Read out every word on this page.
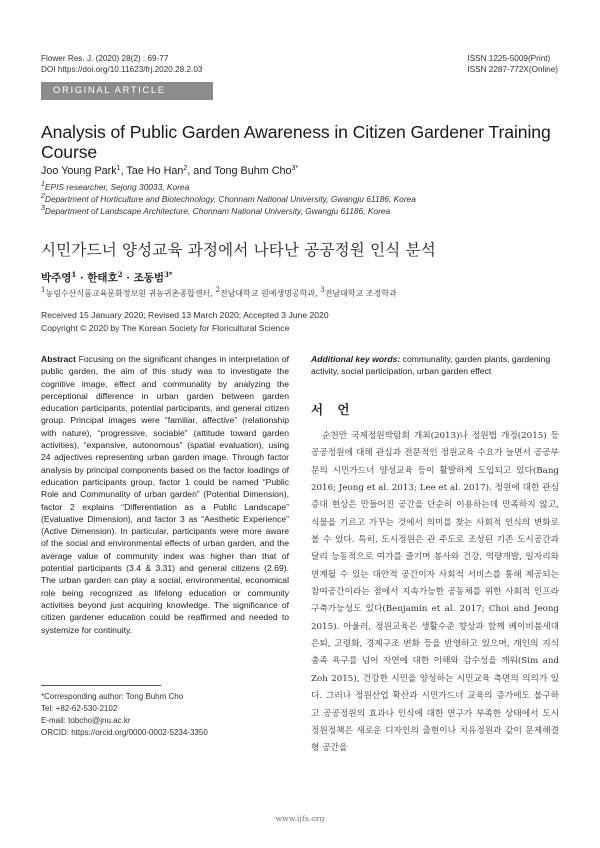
Flower Res. J. (2020) 28(2) : 69-77
DOI https://doi.org/10.11623/frj.2020.28.2.03
ISSN 1225-5009(Print)
ISSN 2287-772X(Online)
ORIGINAL ARTICLE
Analysis of Public Garden Awareness in Citizen Gardener Training Course
Joo Young Park$^1$, Tae Ho Han$^2$, and Tong Buhm Cho$^{3*}$
$^1$EPIS researcher, Sejong 30033, Korea
$^2$Department of Horticulture and Biotechnology, Chonnam National University, Gwangju 61186, Korea
$^3$Department of Landscape Architecture, Chonnam National University, Gwangju 61186, Korea
시민가드너 양성교육 과정에서 나타난 공공정원 인식 분석
박주영$^1$ · 한태호$^2$ · 조동범$^{3*}$
$^1$농림수산식품교육문화정보원 귀농귀촌종합센터, $^2$전남대학교 원예생명공학과, $^3$전남대학교 조경학과
Received 15 January 2020; Revised 13 March 2020; Accepted 3 June 2020
Copyright © 2020 by The Korean Society for Floricultural Science
Abstract Focusing on the significant changes in interpretation of public garden, the aim of this study was to investigate the cognitive image, effect and communality by analyzing the perceptional difference in urban garden between garden education participants, potential participants, and general citizen group. Principal images were “familiar, affective” (relationship with nature), “progressive, sociable” (attitude toward garden activities), “expansive, autonomous” (spatial evaluation), using 24 adjectives representing urban garden image. Through factor analysis by principal components based on the factor loadings of education participants group, factor 1 could be named “Public Role and Communality of urban garden” (Potential Dimension), factor 2 explains “Differentiation as a Public Landscape” (Evaluative Dimension), and factor 3 as “Aesthetic Experience” (Active Dimension). In particular, participants were more aware of the social and environmental effects of urban garden, and the average value of community index was higher than that of potential participants (3.4 & 3.31) and general citizens (2.69). The urban garden can play a social, environmental, economical role being recognized as lifelong education or community activities beyond just acquiring knowledge. The significance of citizen gardener education could be reaffirmed and needed to systemize for continuity.
*Corresponding author: Tong Buhm Cho
Tel: +82-62-530-2102
E-mail: tobcho@jnu.ac.kr
ORCID: https://orcid.org/0000-0002-5234-3350
Additional key words: communality, garden plants, gardening activity, social participation, urban garden effect
서 언
순천만 국제정원박람회 개최(2013)나 정원법 개정(2015) 등 공공정원에 대해 관심과 전문적인 정원교육 수요가 늘면서 공공부문의 시민가드너 양성교육 등이 활발하게 도입되고 있다(Bang 2016; Jeong et al. 2013; Lee et al. 2017). 정원에 대한 관심증대 현상은 만들어진 공간을 단순히 이용하는데 만족하지 않고, 식물을 기르고 가꾸는 것에서 의미를 찾는 사회적 인식의 변화로 볼 수 있다. 특히, 도시정원은 관 주도로 조성된 기존 도시공간과 달리 능동적으로 여가를 즐기며 봉사와 건강, 역량개발, 일자리와 연계될 수 있는 대안적 공간이자 사회적 서비스를 통해 제공되는 참여공간이라는 점에서 지속가능한 공동체를 위한 사회적 인프라 구축가능성도 있다(Benjamin et al. 2017; Choi and Jeong 2015). 아울러, 정원교육은 생활수준 향상과 함께 베이비붐세대 은퇴, 고령화, 경제구조 변화 등을 반영하고 있으며, 개인의 지식충족 욕구를 넘어 자연에 대한 이해와 감수성을 깨워(Sim and Zoh 2015), 건강한 시민을 양성하는 시민교육 측면의 의의가 있다. 그러나 정원산업 확산과 시민가드너 교육의 증가에도 불구하고 공공정원의 효과나 인식에 대한 연구가 부족한 상태에서 도시정원정책은 새로운 디자인의 출현이나 치유정원과 같이 문제해결형 공간을
www.ijfs.org
